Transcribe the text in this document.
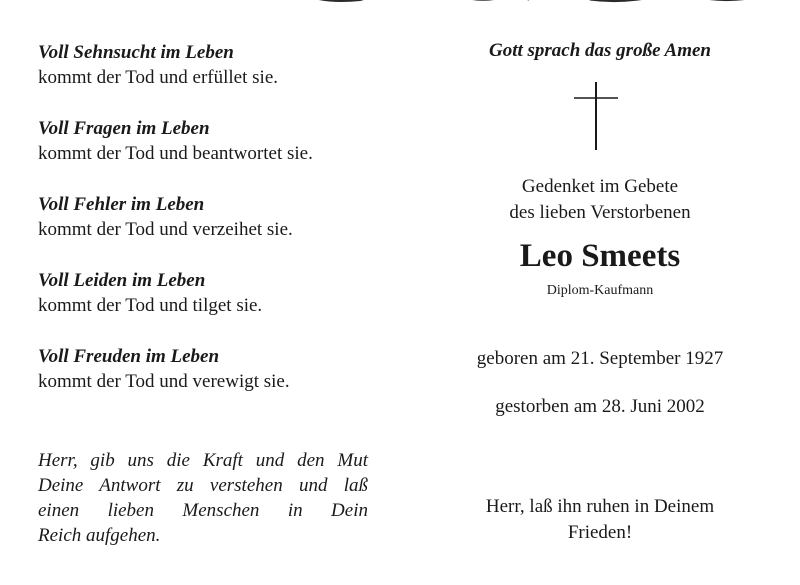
Voll Sehnsucht im Leben
kommt der Tod und erfüllet sie.
Voll Fragen im Leben
kommt der Tod und beantwortet sie.
Voll Fehler im Leben
kommt der Tod und verzeihet sie.
Voll Leiden im Leben
kommt der Tod und tilget sie.
Voll Freuden im Leben
kommt der Tod und verewigt sie.
Herr, gib uns die Kraft und den Mut
Deine Antwort zu verstehen und laß
einen lieben Menschen in Dein
Reich aufgehen.
Gott sprach das große Amen
Gedenket im Gebete
des lieben Verstorbenen
Leo Smeets
Diplom-Kaufmann
geboren am 21. September 1927
gestorben am 28. Juni 2002
Herr, laß ihn ruhen in Deinem
Frieden!
